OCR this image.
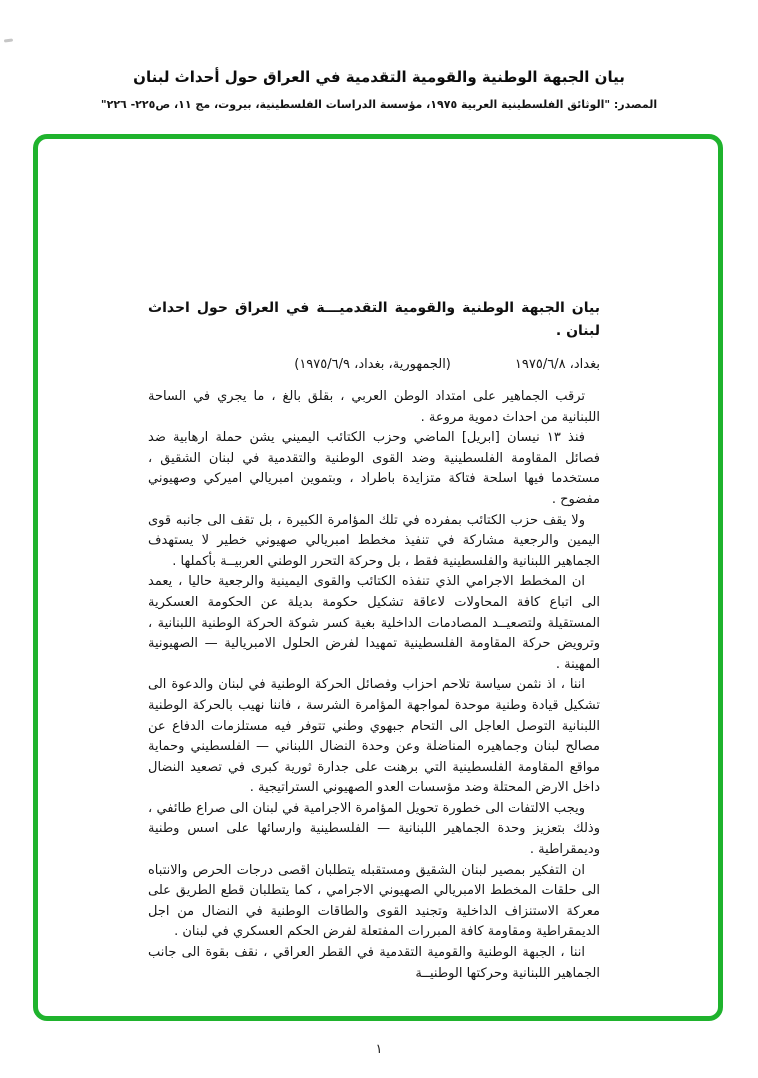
بيان الجبهة الوطنية والقومية التقدمية في العراق حول أحداث لبنان
المصدر: "الوثائق الفلسطينية العربية ١٩٧٥، مؤسسة الدراسات الفلسطينية، بيروت، مج ١١، ص٢٢٥- ٢٢٦"
بيان الجبهة الوطنية والقومية التقدميـــة في العراق حول احداث لبنان .
بغداد، ١٩٧٥/٦/٨
(الجمهورية، بغداد، ١٩٧٥/٦/٩)

ترقب الجماهير على امتداد الوطن العربي ، بقلق بالغ ، ما يجري في الساحة اللبنانية من احداث دموية مروعة .

فنذ ١٣ نيسان [ابريل] الماضي وحزب الكتائب اليميني يشن حملة ارهابية ضد فصائل المقاومة الفلسطينية وضد القوى الوطنية والتقدمية في لبنان الشقيق ، مستخدما فيها اسلحة فتاكة متزايدة باطراد ، وبتموين امبريالي اميركي وصهيوني مفضوح .

ولا يقف حزب الكتائب بمفرده في تلك المؤامرة الكبيرة ، بل تقف الى جانبه قوى اليمين والرجعية مشاركة في تنفيذ مخطط امبريالي صهيوني خطير لا يستهدف الجماهير اللبنانية والفلسطينية فقط ، بل وحركة التحرر الوطني العربيــة بأكملها .

ان المخطط الاجرامي الذي تنفذه الكتائب والقوى اليمينية والرجعية حاليا ، يعمد الى اتباع كافة المحاولات لاعاقة تشكيل حكومة بديلة عن الحكومة العسكرية المستقيلة ولتصعيــد المصادمات الداخلية بغية كسر شوكة الحركة الوطنية اللبنانية ، وترويض حركة المقاومة الفلسطينية تمهيدا لفرض الحلول الامبريالية — الصهيونية المهينة .

اننا ، اذ نثمن سياسة تلاحم احزاب وفصائل الحركة الوطنية في لبنان والدعوة الى تشكيل قيادة وطنية موحدة لمواجهة المؤامرة الشرسة ، فاننا نهيب بالحركة الوطنية اللبنانية التوصل العاجل الى التحام جبهوي وطني تتوفر فيه مستلزمات الدفاع عن مصالح لبنان وجماهيره المناضلة وعن وحدة النضال اللبناني — الفلسطيني وحماية مواقع المقاومة الفلسطينية التي برهنت على جدارة ثورية كبرى في تصعيد النضال داخل الارض المحتلة وضد مؤسسات العدو الصهيوني الستراتيجية .

ويجب الالتفات الى خطورة تحويل المؤامرة الاجرامية في لبنان الى صراع طائفي ، وذلك بتعزيز وحدة الجماهير اللبنانية — الفلسطينية وارسائها على اسس وطنية وديمقراطية .

ان التفكير بمصير لبنان الشقيق ومستقبله يتطلبان اقصى درجات الحرص والانتباه الى حلقات المخطط الامبريالي الصهيوني الاجرامي ، كما يتطلبان قطع الطريق على معركة الاستنزاف الداخلية وتجنيد القوى والطاقات الوطنية في النضال من اجل الديمقراطية ومقاومة كافة المبررات المفتعلة لفرض الحكم العسكري في لبنان .

اننا ، الجبهة الوطنية والقومية التقدمية في القطر العراقي ، نقف بقوة الى جانب الجماهير اللبنانية وحركتها الوطنيــة

١
